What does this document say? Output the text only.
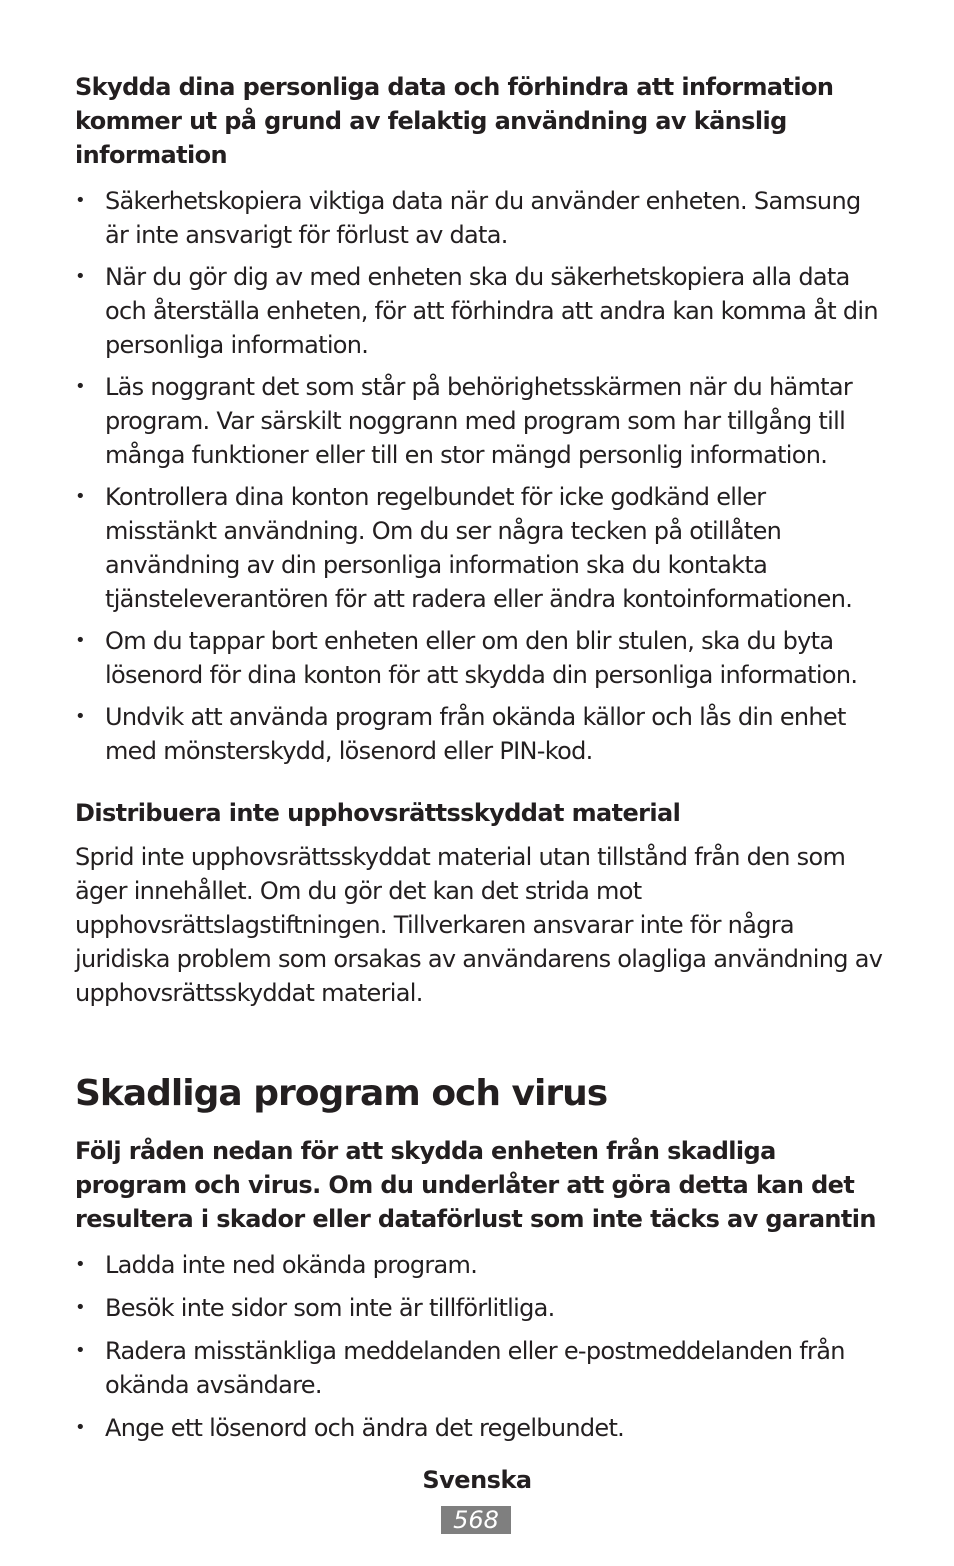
Skydda dina personliga data och förhindra att information kommer ut på grund av felaktig användning av känslig information

• Säkerhetskopiera viktiga data när du använder enheten. Samsung är inte ansvarigt för förlust av data.
• När du gör dig av med enheten ska du säkerhetskopiera alla data och återställa enheten, för att förhindra att andra kan komma åt din personliga information.
• Läs noggrant det som står på behörighetsskärmen när du hämtar program. Var särskilt noggrann med program som har tillgång till många funktioner eller till en stor mängd personlig information.
• Kontrollera dina konton regelbundet för icke godkänd eller misstänkt användning. Om du ser några tecken på otillåten användning av din personliga information ska du kontakta tjänsteleverantören för att radera eller ändra kontoinformationen.
• Om du tappar bort enheten eller om den blir stulen, ska du byta lösenord för dina konton för att skydda din personliga information.
• Undvik att använda program från okända källor och lås din enhet med mönsterskydd, lösenord eller PIN-kod.

Distribuera inte upphovsrättsskyddat material

Sprid inte upphovsrättsskyddat material utan tillstånd från den som äger innehållet. Om du gör det kan det strida mot upphovsrättslagstiftningen. Tillverkaren ansvarar inte för några juridiska problem som orsakas av användarens olagliga användning av upphovsrättsskyddat material.

Skadliga program och virus

Följ råden nedan för att skydda enheten från skadliga program och virus. Om du underlåter att göra detta kan det resultera i skador eller dataförlust som inte täcks av garantin

• Ladda inte ned okända program.
• Besök inte sidor som inte är tillförlitliga.
• Radera misstänkliga meddelanden eller e-postmeddelanden från okända avsändare.
• Ange ett lösenord och ändra det regelbundet.
Svenska
568
